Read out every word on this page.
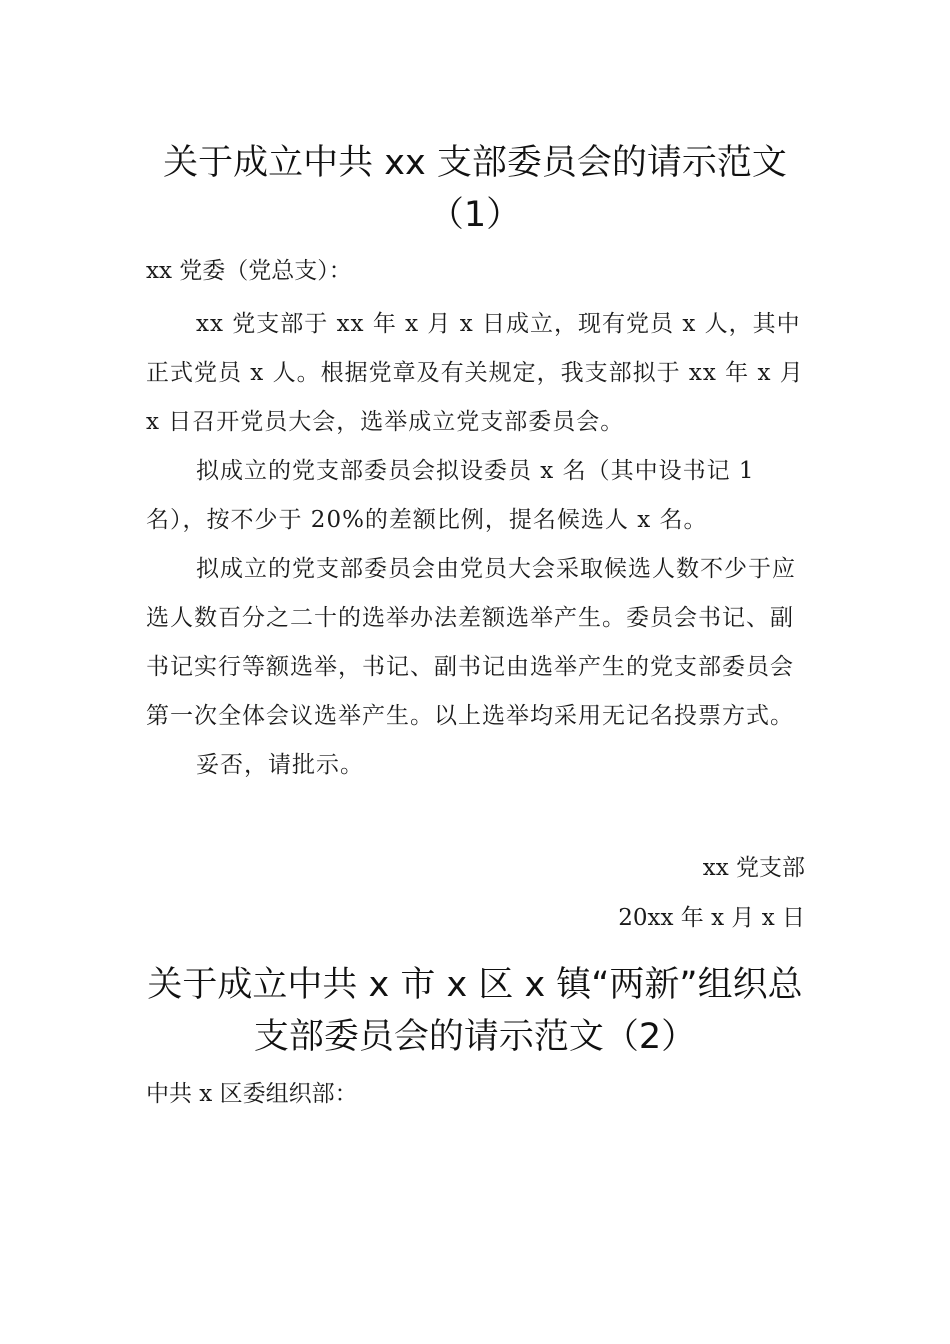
关于成立中共 xx 支部委员会的请示范文
（1）
xx 党委（党总支）：

xx 党支部于 xx 年 x 月 x 日成立，现有党员 x 人，其中正式党员 x 人。根据党章及有关规定，我支部拟于 xx 年 x 月 x 日召开党员大会，选举成立党支部委员会。

拟成立的党支部委员会拟设委员 x 名（其中设书记 1 名），按不少于 20%的差额比例，提名候选人 x 名。

拟成立的党支部委员会由党员大会采取候选人数不少于应选人数百分之二十的选举办法差额选举产生。委员会书记、副书记实行等额选举，书记、副书记由选举产生的党支部委员会第一次全体会议选举产生。以上选举均采用无记名投票方式。

妥否，请批示。

xx 党支部
20xx 年 x 月 x 日
关于成立中共 x 市 x 区 x 镇“两新”组织总
支部委员会的请示范文（2）
中共 x 区委组织部：
